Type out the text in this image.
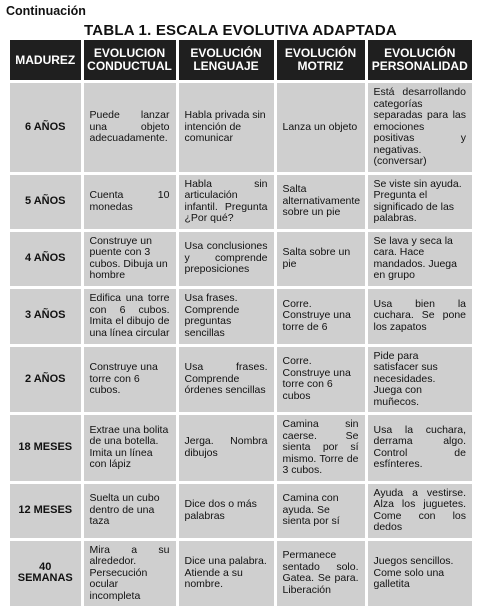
Continuación
TABLA 1. ESCALA EVOLUTIVA ADAPTADA
MADUREZ	EVOLUCION CONDUCTUAL	EVOLUCIÓN LENGUAJE	EVOLUCIÓN MOTRIZ	EVOLUCIÓN PERSONALIDAD
6 AÑOS	Puede lanzar una objeto adecuadamente.	Habla privada sin intención de comunicar	Lanza un objeto	Está desarrollando categorías separadas para las emociones positivas y negativas. (conversar)
5 AÑOS	Cuenta 10 monedas	Habla sin articulación infantil. Pregunta ¿Por qué?	Salta alternativamente sobre un pie	Se viste sin ayuda. Pregunta el significado de las palabras.
4 AÑOS	Construye un puente con 3 cubos. Dibuja un hombre	Usa conclusiones y comprende preposiciones	Salta sobre un pie	Se lava y seca la cara. Hace mandados. Juega en grupo
3 AÑOS	Edifica una torre con 6 cubos. Imita el dibujo de una línea circular	Usa frases. Comprende preguntas sencillas	Corre. Construye una torre de 6	Usa bien la cuchara. Se pone los zapatos
2 AÑOS	Construye una torre con 6 cubos.	Usa frases. Comprende órdenes sencillas	Corre. Construye una torre con 6 cubos	Pide para satisfacer sus necesidades. Juega con muñecos.
18 MESES	Extrae una bolita de una botella. Imita un línea con lápiz	Jerga. Nombra dibujos	Camina sin caerse. Se sienta por sí mismo. Torre de 3 cubos.	Usa la cuchara, derrama algo. Control de esfínteres.
12 MESES	Suelta un cubo dentro de una taza	Dice dos o más palabras	Camina con ayuda. Se sienta por sí	Ayuda a vestirse. Alza los juguetes. Come con los dedos
40 SEMANAS	Mira a su alrededor. Persecución ocular incompleta	Dice una palabra. Atiende a su nombre.	Permanece sentado solo. Gatea. Se para. Liberación	Juegos sencillos. Come solo una galletita
